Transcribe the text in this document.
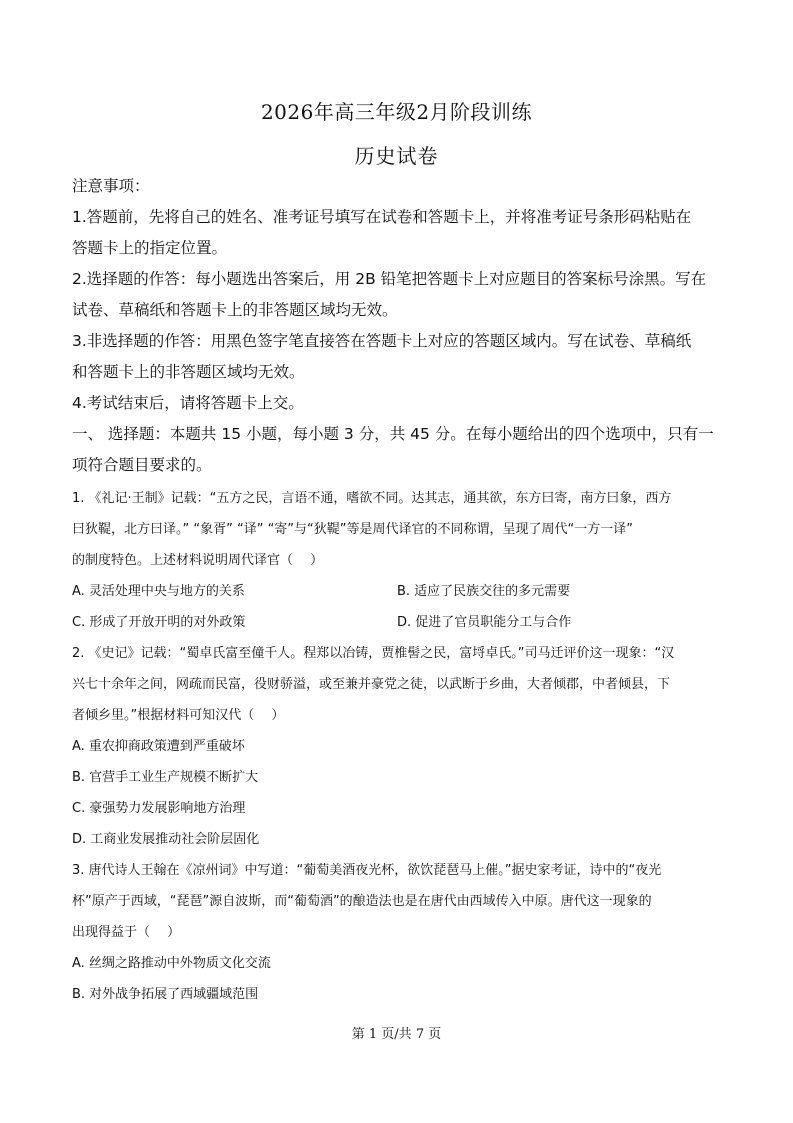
2026年高三年级2月阶段训练
历史试卷
注意事项：
1.答题前，先将自己的姓名、准考证号填写在试卷和答题卡上，并将准考证号条形码粘贴在
答题卡上的指定位置。
2.选择题的作答：每小题选出答案后，用 2B 铅笔把答题卡上对应题目的答案标号涂黑。写在
试卷、草稿纸和答题卡上的非答题区域均无效。
3.非选择题的作答：用黑色签字笔直接答在答题卡上对应的答题区域内。写在试卷、草稿纸
和答题卡上的非答题区域均无效。
4.考试结束后，请将答题卡上交。
一、 选择题：本题共 15 小题，每小题 3 分，共 45 分。在每小题给出的四个选项中，只有一
项符合题目要求的。
1. 《礼记·王制》记载：“五方之民，言语不通，嗜欲不同。达其志，通其欲，东方曰寄，南方曰象，西方
曰狄鞮，北方曰译。” “象胥” “译” “寄”与“狄鞮”等是周代译官的不同称谓，呈现了周代“一方一译”
的制度特色。上述材料说明周代译官（　 ）
A. 灵活处理中央与地方的关系	B. 适应了民族交往的多元需要
C. 形成了开放开明的对外政策	D. 促进了官员职能分工与合作
2. 《史记》记载：“蜀卓氏富至僮千人。程郑以冶铸，贾椎髻之民，富埒卓氏。”司马迁评价这一现象：“汉
兴七十余年之间，网疏而民富，役财骄溢，或至兼并豪党之徒，以武断于乡曲，大者倾郡，中者倾县，下
者倾乡里。”根据材料可知汉代（　 ）
A. 重农抑商政策遭到严重破坏
B. 官营手工业生产规模不断扩大
C. 豪强势力发展影响地方治理
D. 工商业发展推动社会阶层固化
3. 唐代诗人王翰在《凉州词》中写道：“葡萄美酒夜光杯，欲饮琵琶马上催。”据史家考证，诗中的“夜光
杯”原产于西域，“琵琶”源自波斯，而“葡萄酒”的酿造法也是在唐代由西域传入中原。唐代这一现象的
出现得益于（　 ）
A. 丝绸之路推动中外物质文化交流
B. 对外战争拓展了西域疆域范围
第 1 页/共 7 页
